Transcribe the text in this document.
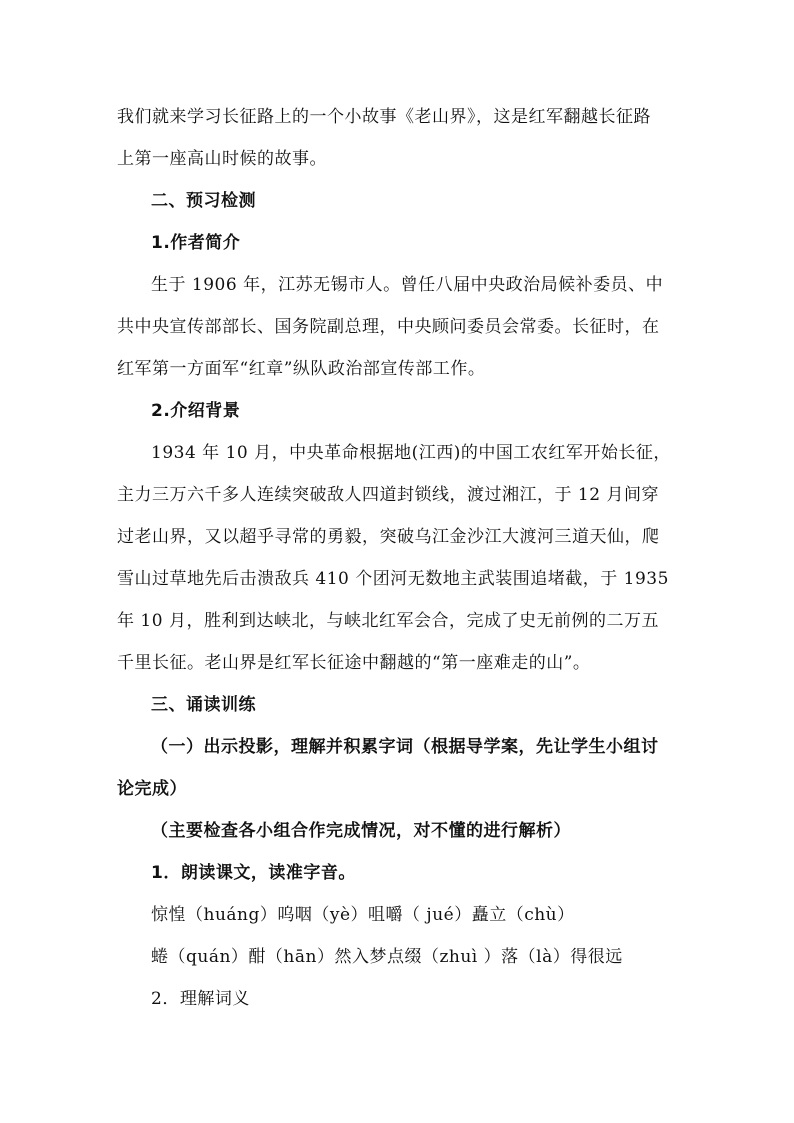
我们就来学习长征路上的一个小故事《老山界》，这是红军翻越长征路
上第一座高山时候的故事。
二、预习检测
1.作者简介
生于 1906 年，江苏无锡市人。曾任八届中央政治局候补委员、中
共中央宣传部部长、国务院副总理，中央顾问委员会常委。长征时，在
红军第一方面军“红章”纵队政治部宣传部工作。
2.介绍背景
1934 年 10 月，中央革命根据地(江西)的中国工农红军开始长征，
主力三万六千多人连续突破敌人四道封锁线，渡过湘江，于 12 月间穿
过老山界，又以超乎寻常的勇毅，突破乌江金沙江大渡河三道天仙，爬
雪山过草地先后击溃敌兵 410 个团河无数地主武装围追堵截，于 1935
年 10 月，胜利到达峡北，与峡北红军会合，完成了史无前例的二万五
千里长征。老山界是红军长征途中翻越的“第一座难走的山”。
三、诵读训练
（一）出示投影，理解并积累字词（根据导学案，先让学生小组讨
论完成）
（主要检查各小组合作完成情况，对不懂的进行解析）
1．朗读课文，读准字音。
惊惶（huáng）呜咽（yè）咀嚼（ jué）矗立（chù）
蜷（quán）酣（hān）然入梦点缀（zhuì ）落（là）得很远
2．理解词义
